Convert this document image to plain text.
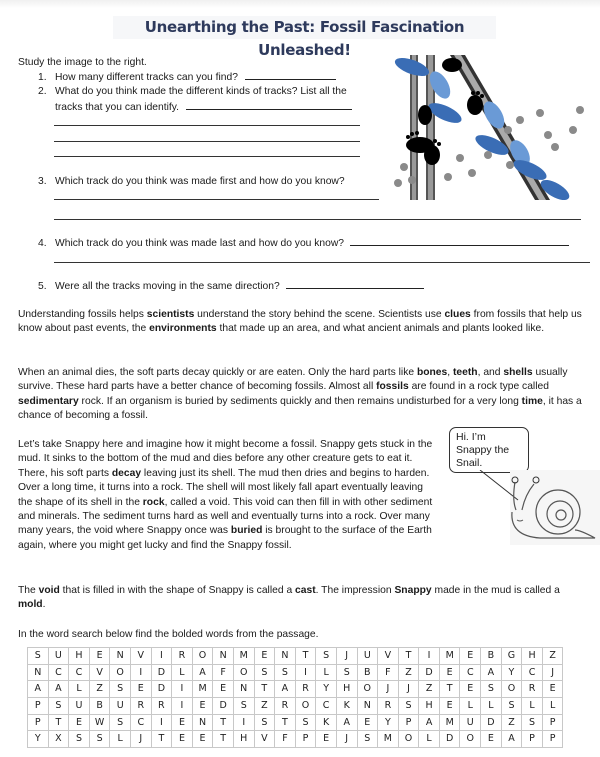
Unearthing the Past: Fossil Fascination Unleashed!
Study the image to the right.
1. How many different tracks can you find?
2. What do you think made the different kinds of tracks? List all the
tracks that you can identify.
3. Which track do you think was made first and how do you know?
4. Which track do you think was made last and how do you know?
5. Were all the tracks moving in the same direction?
Understanding fossils helps scientists understand the story behind the scene. Scientists use clues from fossils that help us know about past events, the environments that made up an area, and what ancient animals and plants looked like.
When an animal dies, the soft parts decay quickly or are eaten. Only the hard parts like bones, teeth, and shells usually survive. These hard parts have a better chance of becoming fossils. Almost all fossils are found in a rock type called sedimentary rock. If an organism is buried by sediments quickly and then remains undisturbed for a very long time, it has a chance of becoming a fossil.
Let’s take Snappy here and imagine how it might become a fossil. Snappy gets stuck in the mud. It sinks to the bottom of the mud and dies before any other creature gets to eat it. There, his soft parts decay leaving just its shell. The mud then dries and begins to harden. Over a long time, it turns into a rock. The shell will most likely fall apart eventually leaving the shape of its shell in the rock, called a void. This void can then fill in with other sediment and minerals. The sediment turns hard as well and eventually turns into a rock. Over many many years, the void where Snappy once was buried is brought to the surface of the Earth again, where you might get lucky and find the Snappy fossil.
Hi. I’m Snappy the Snail.
The void that is filled in with the shape of Snappy is called a cast. The impression Snappy made in the mud is called a mold.
In the word search below find the bolded words from the passage.
S	U	H	E	N	V	I	R	O	N	M	E	N	T	S	J	U	V	T	I	M	E	B	G	H	Z
N	C	C	V	O	I	D	L	A	F	O	S	S	I	L	S	B	F	Z	D	E	C	A	Y	C	J
A	A	L	Z	S	E	D	I	M	E	N	T	A	R	Y	H	O	J	J	Z	T	E	S	O	R	E
P	S	U	B	U	R	R	I	E	D	S	Z	R	O	C	K	N	R	S	H	E	L	L	S	L	L
P	T	E	W	S	C	I	E	N	T	I	S	T	S	K	A	E	Y	P	A	M	U	D	Z	S	P
Y	X	S	S	L	J	T	E	E	T	H	V	F	P	E	J	S	M	O	L	D	O	E	A	P	P
